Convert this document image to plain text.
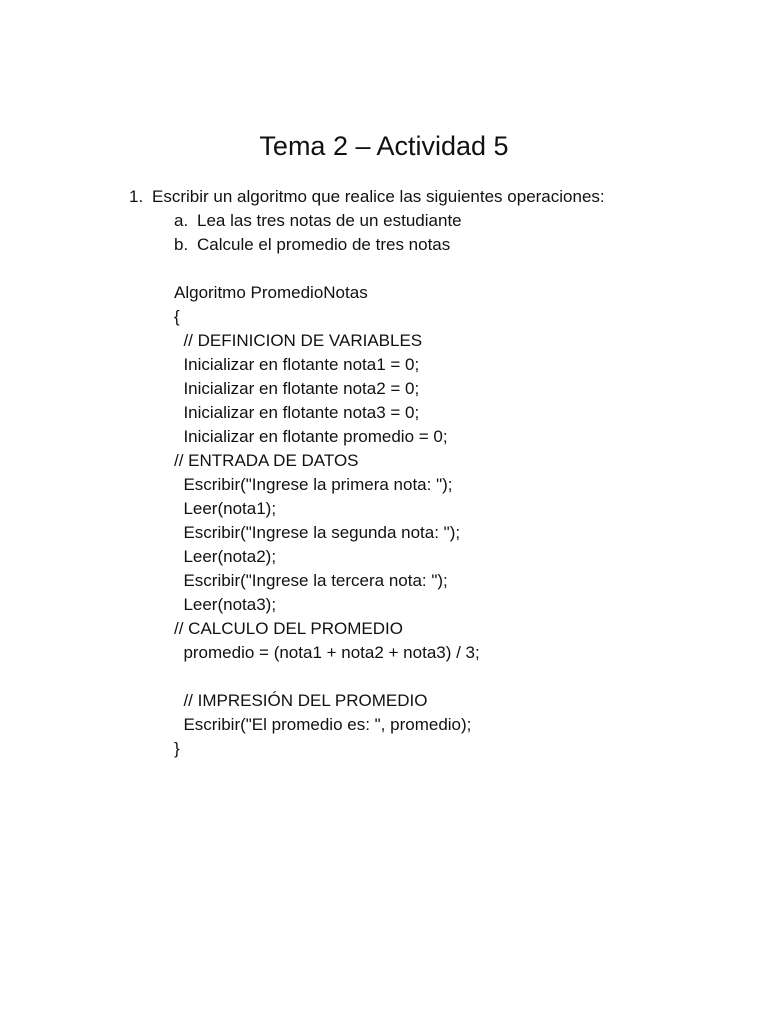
Tema 2 – Actividad 5
1. Escribir un algoritmo que realice las siguientes operaciones:
a. Lea las tres notas de un estudiante
b. Calcule el promedio de tres notas
Algoritmo PromedioNotas
{
// DEFINICION DE VARIABLES
Inicializar en flotante nota1 = 0;
Inicializar en flotante nota2 = 0;
Inicializar en flotante nota3 = 0;
Inicializar en flotante promedio = 0;
// ENTRADA DE DATOS
Escribir("Ingrese la primera nota: ");
Leer(nota1);
Escribir("Ingrese la segunda nota: ");
Leer(nota2);
Escribir("Ingrese la tercera nota: ");
Leer(nota3);
// CALCULO DEL PROMEDIO
promedio = (nota1 + nota2 + nota3) / 3;
// IMPRESIÓN DEL PROMEDIO
Escribir("El promedio es: ", promedio);
}
